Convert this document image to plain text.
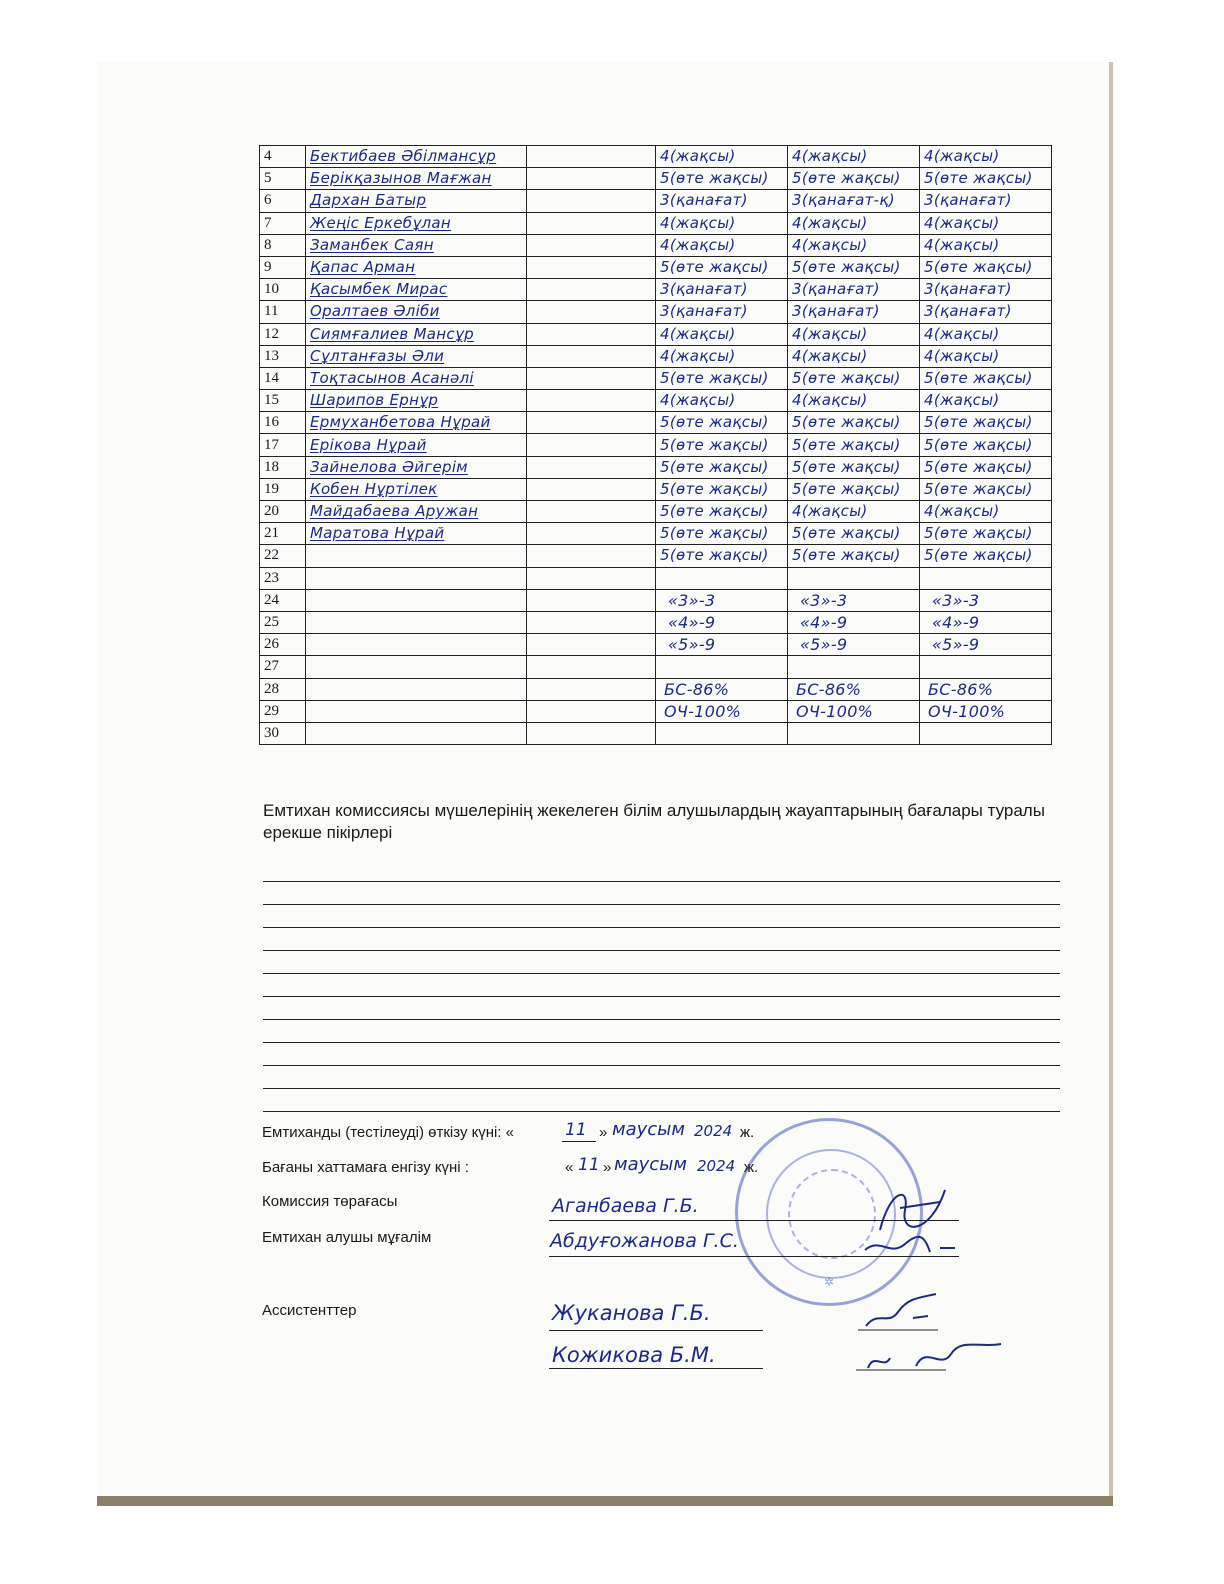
4	Бектибаев Әбілмансұр		4(жақсы)	4(жақсы)	4(жақсы)

5	Берікқазынов Мағжан		5(өте жақсы)	5(өте жақсы)	5(өте жақсы)

6	Дархан Батыр		3(қанағат)	3(қанағат-қ)	3(қанағат)

7	Жеңіс Еркебұлан		4(жақсы)	4(жақсы)	4(жақсы)

8	Заманбек Саян		4(жақсы)	4(жақсы)	4(жақсы)

9	Қапас Арман		5(өте жақсы)	5(өте жақсы)	5(өте жақсы)

10	Қасымбек Мирас		3(қанағат)	3(қанағат)	3(қанағат)

11	Оралтаев Әліби		3(қанағат)	3(қанағат)	3(қанағат)

12	Сиямғалиев Мансұр		4(жақсы)	4(жақсы)	4(жақсы)

13	Сұлтанғазы Әли		4(жақсы)	4(жақсы)	4(жақсы)

14	Тоқтасынов Асанәлі		5(өте жақсы)	5(өте жақсы)	5(өте жақсы)

15	Шарипов Ернұр		4(жақсы)	4(жақсы)	4(жақсы)

16	Ермуханбетова Нұрай		5(өте жақсы)	5(өте жақсы)	5(өте жақсы)

17	Ерікова Нұрай		5(өте жақсы)	5(өте жақсы)	5(өте жақсы)

18	Зайнелова Әйгерім		5(өте жақсы)	5(өте жақсы)	5(өте жақсы)

19	Кобен Нұртілек		5(өте жақсы)	5(өте жақсы)	5(өте жақсы)

20	Майдабаева Аружан		5(өте жақсы)	4(жақсы)	4(жақсы)

21	Маратова Нұрай		5(өте жақсы)	5(өте жақсы)	5(өте жақсы)

22			5(өте жақсы)	5(өте жақсы)	5(өте жақсы)

23	

24			«3»-3	«3»-3	«3»-3

25			«4»-9	«4»-9	«4»-9

26			«5»-9	«5»-9	«5»-9

27	

28			БС-86%	БС-86%	БС-86%

29			ОЧ-100%	ОЧ-100%	ОЧ-100%

30	

Емтихан комиссиясы мүшелерінің жекелеген білім алушылардың жауаптарының бағалары туралы ерекше пікірлері
✲
Емтиханды (тестілеуді) өткізу күні: «	11 » маусым 2024 ж.
Бағаны хаттамаға енгізу күні :	« 11 » маусым 2024 ж.
Комиссия төрағасы	Аганбаева Г.Б.
Емтихан алушы мұғалім	Абдуғожанова Г.С.
Ассистенттер	Жуканова Г.Б.
Кожикова Б.М.
